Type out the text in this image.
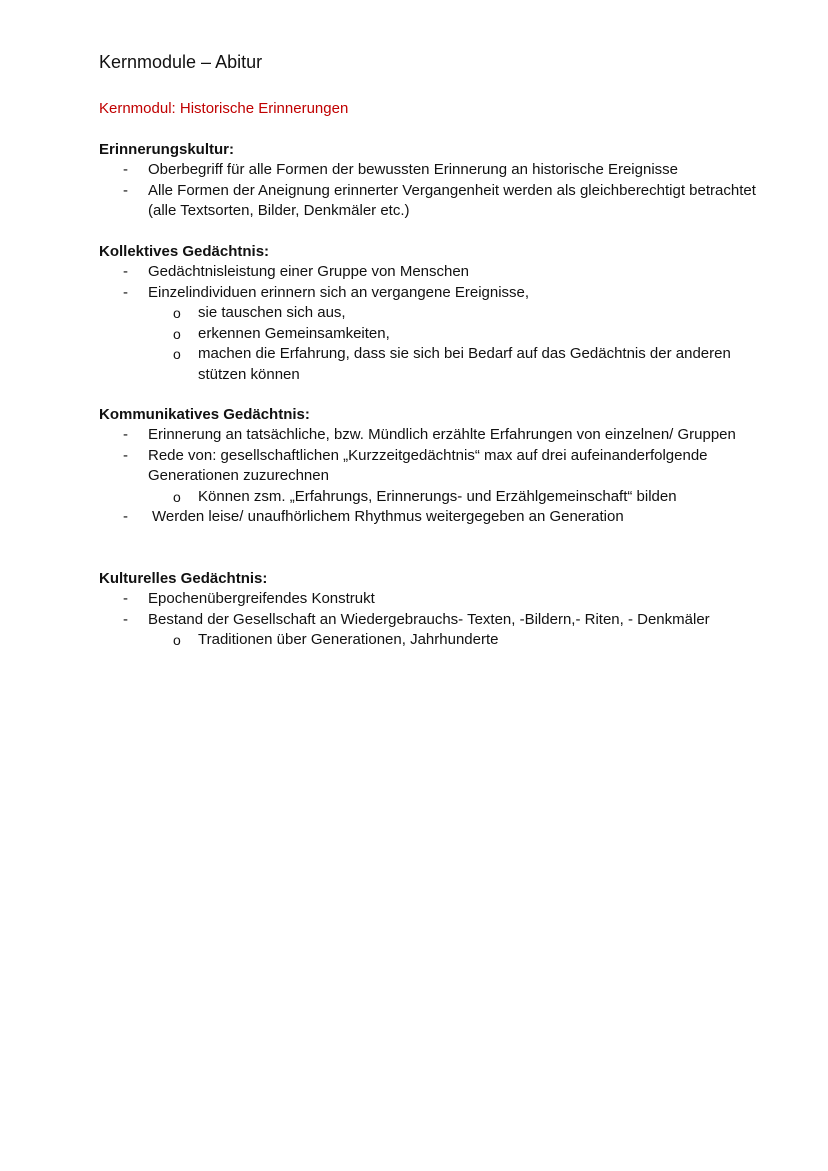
Kernmodule – Abitur
Kernmodul: Historische Erinnerungen
Erinnerungskultur:
- Oberbegriff für alle Formen der bewussten Erinnerung an historische Ereignisse
- Alle Formen der Aneignung erinnerter Vergangenheit werden als gleichberechtigt betrachtet (alle Textsorten, Bilder, Denkmäler etc.)
Kollektives Gedächtnis:
- Gedächtnisleistung einer Gruppe von Menschen
- Einzelindividuen erinnern sich an vergangene Ereignisse,
o sie tauschen sich aus,
o erkennen Gemeinsamkeiten,
o machen die Erfahrung, dass sie sich bei Bedarf auf das Gedächtnis der anderen stützen können
Kommunikatives Gedächtnis:
- Erinnerung an tatsächliche, bzw. Mündlich erzählte Erfahrungen von einzelnen/ Gruppen
- Rede von: gesellschaftlichen „Kurzzeitgedächtnis“ max auf drei aufeinanderfolgende Generationen zuzurechnen
o Können zsm. „Erfahrungs, Erinnerungs- und Erzählgemeinschaft“ bilden
- Werden leise/ unaufhörlichem Rhythmus weitergegeben an Generation
Kulturelles Gedächtnis:
- Epochenübergreifendes Konstrukt
- Bestand der Gesellschaft an Wiedergebrauchs- Texten, -Bildern,- Riten, - Denkmäler
o Traditionen über Generationen, Jahrhunderte
